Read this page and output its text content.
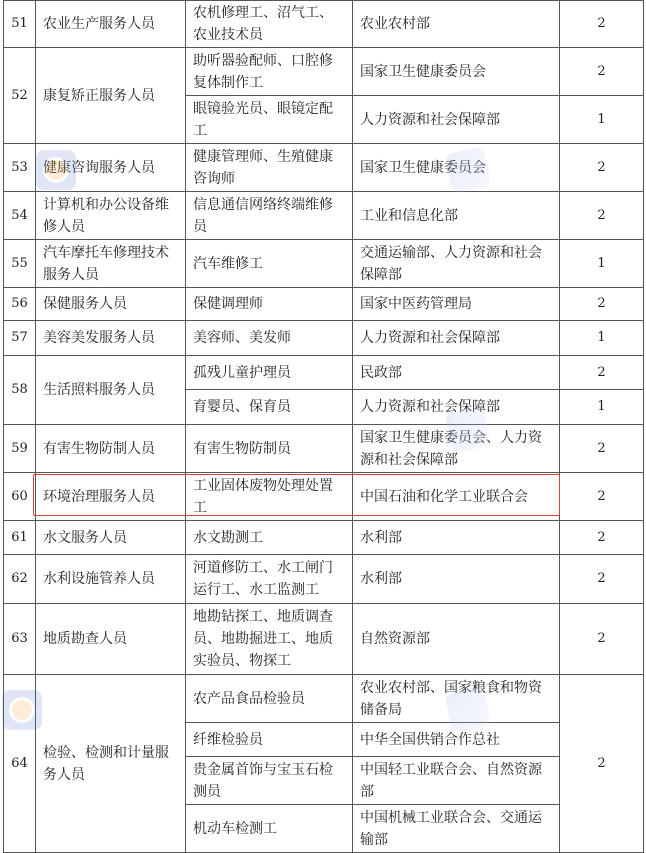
51	农业生产服务人员	农机修理工、沼气工、农业技术员	农业农村部	2
52	康复矫正服务人员	助听器验配师、口腔修复体制作工	国家卫生健康委员会	2
		眼镜验光员、眼镜定配工	人力资源和社会保障部	1
53	健康咨询服务人员	健康管理师、生殖健康咨询师	国家卫生健康委员会	2
54	计算机和办公设备维修人员	信息通信网络终端维修员	工业和信息化部	2
55	汽车摩托车修理技术服务人员	汽车维修工	交通运输部、人力资源和社会保障部	1
56	保健服务人员	保健调理师	国家中医药管理局	2
57	美容美发服务人员	美容师、美发师	人力资源和社会保障部	1
58	生活照料服务人员	孤残儿童护理员	民政部	2
		育婴员、保育员	人力资源和社会保障部	1
59	有害生物防制人员	有害生物防制员	国家卫生健康委员会、人力资源和社会保障部	2
60	环境治理服务人员	工业固体废物处理处置工	中国石油和化学工业联合会	2
61	水文服务人员	水文勘测工	水利部	2
62	水利设施管养人员	河道修防工、水工闸门运行工、水工监测工	水利部	2
63	地质勘查人员	地勘钻探工、地质调查员、地勘掘进工、地质实验员、物探工	自然资源部	2
64	检验、检测和计量服务人员	农产品食品检验员	农业农村部、国家粮食和物资储备局	2
		纤维检验员	中华全国供销合作总社	
		贵金属首饰与宝玉石检测员	中国轻工业联合会、自然资源部	
		机动车检测工	中国机械工业联合会、交通运输部	
